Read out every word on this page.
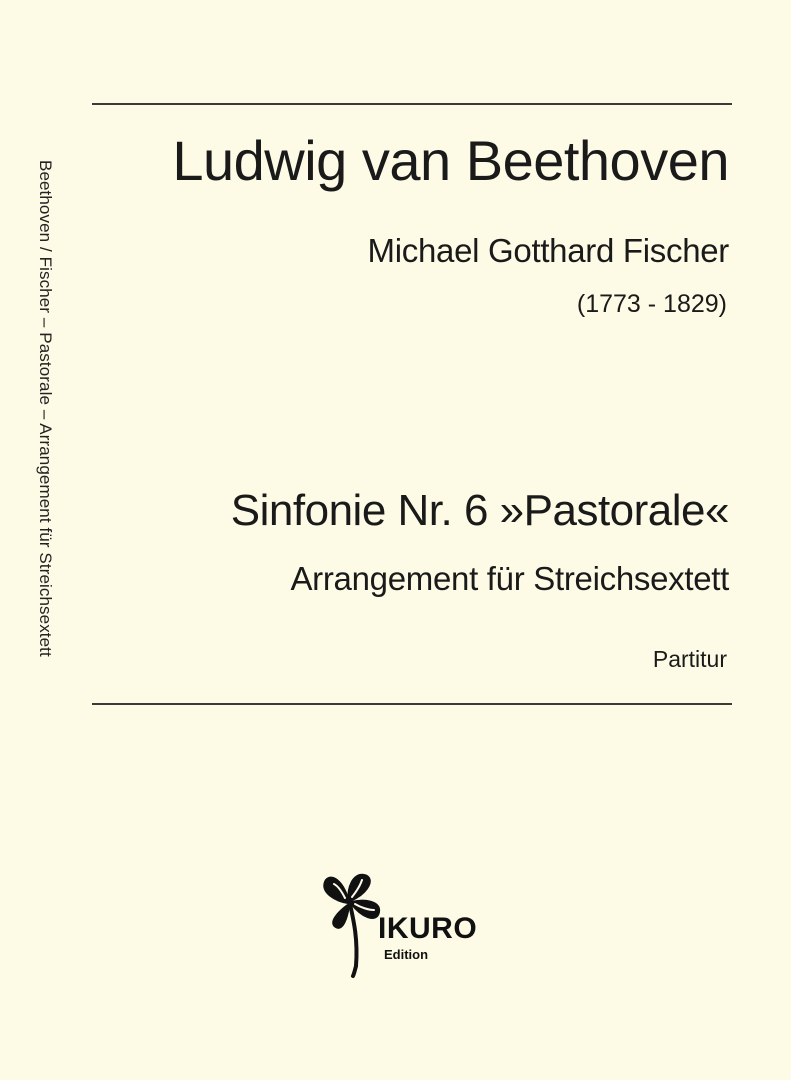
Beethoven / Fischer – Pastorale – Arrangement für Streichsextett Ludwig van Beethoven
Michael Gotthard Fischer
(1773 - 1829)
Sinfonie Nr. 6 »Pastorale«
Arrangement für Streichsextett
Partitur
IKURO
Edition
